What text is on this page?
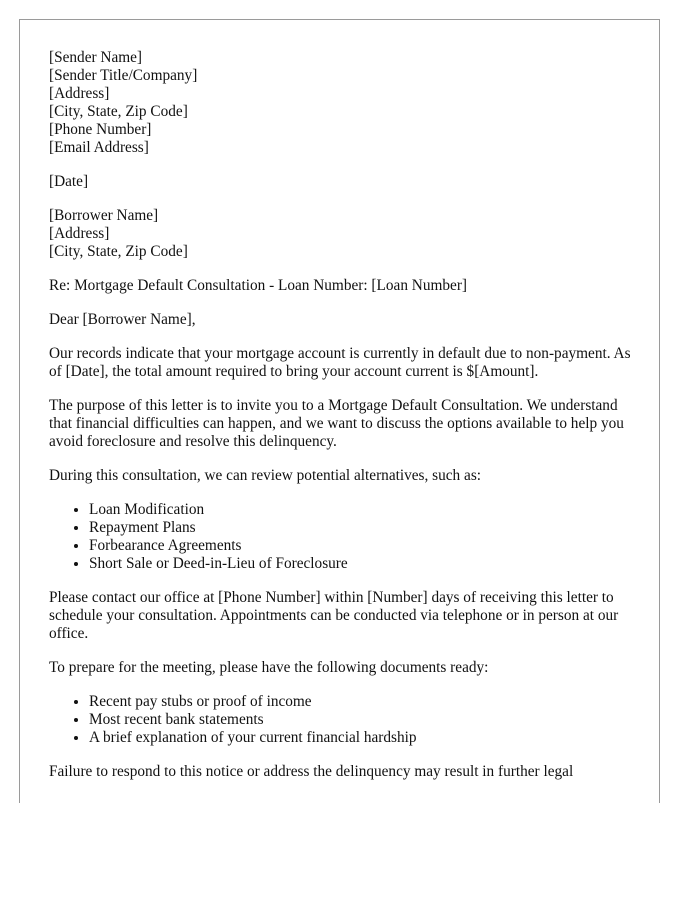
[Sender Name]
[Sender Title/Company]
[Address]
[City, State, Zip Code]
[Phone Number]
[Email Address]
[Date]
[Borrower Name]
[Address]
[City, State, Zip Code]

Re: Mortgage Default Consultation - Loan Number: [Loan Number]

Dear [Borrower Name],

Our records indicate that your mortgage account is currently in default due to non-payment. As of [Date], the total amount required to bring your account current is $[Amount].

The purpose of this letter is to invite you to a Mortgage Default Consultation. We understand that financial difficulties can happen, and we want to discuss the options available to help you avoid foreclosure and resolve this delinquency.

During this consultation, we can review potential alternatives, such as:

• Loan Modification
• Repayment Plans
• Forbearance Agreements
• Short Sale or Deed-in-Lieu of Foreclosure

Please contact our office at [Phone Number] within [Number] days of receiving this letter to schedule your consultation. Appointments can be conducted via telephone or in person at our office.

To prepare for the meeting, please have the following documents ready:

• Recent pay stubs or proof of income
• Most recent bank statements
• A brief explanation of your current financial hardship

Failure to respond to this notice or address the delinquency may result in further legal
